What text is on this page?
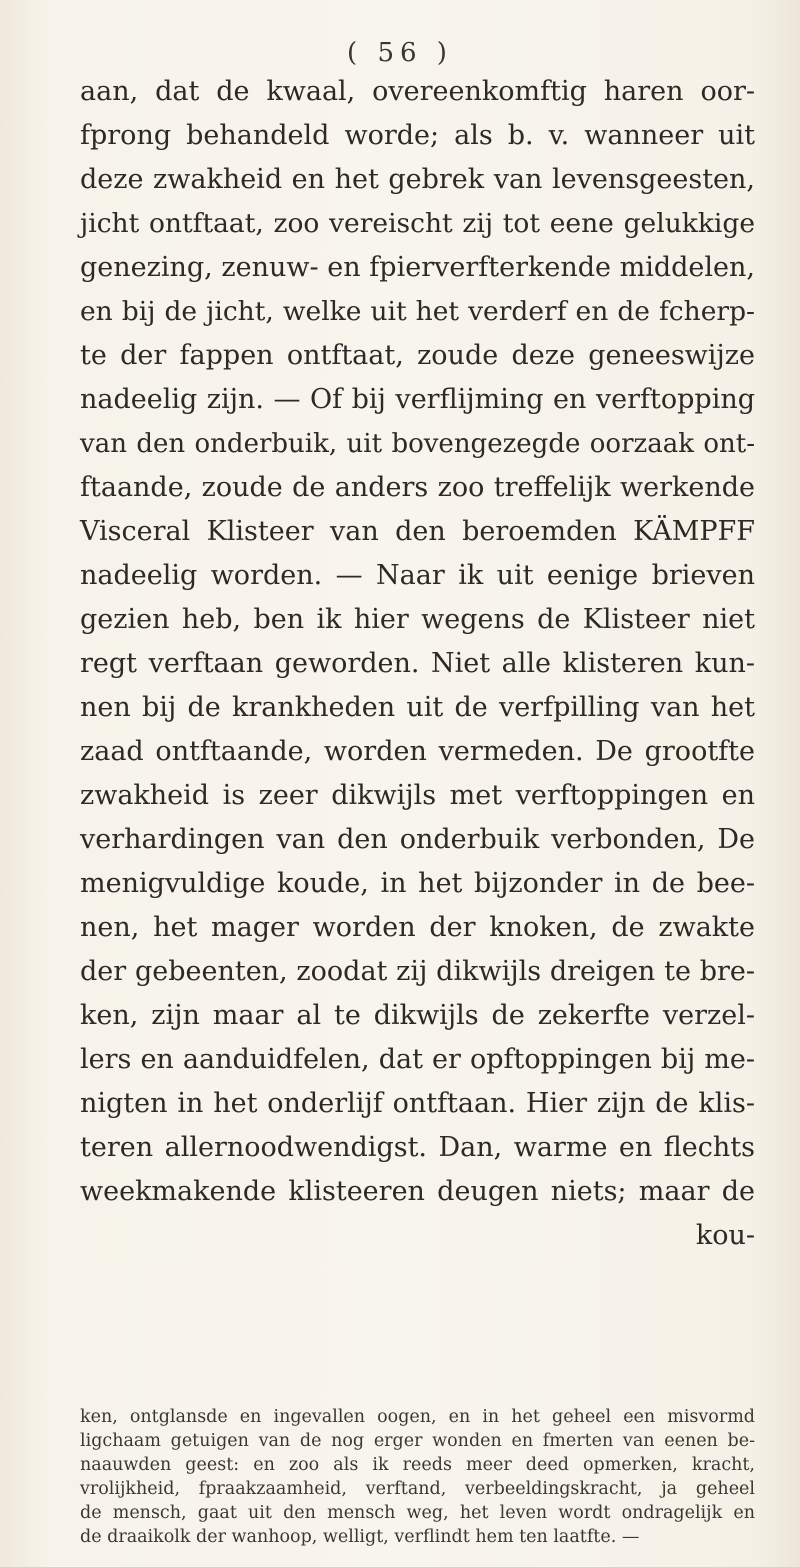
( 56 )
aan, dat de kwaal, overeenkomftig haren oor-
fprong behandeld worde; als b. v. wanneer uit
deze zwakheid en het gebrek van levensgeesten,
jicht ontftaat, zoo vereischt zij tot eene gelukkige
genezing, zenuw- en fpierverfterkende middelen,
en bij de jicht, welke uit het verderf en de fcherp-
te der fappen ontftaat, zoude deze geneeswijze
nadeelig zijn. — Of bij verflijming en verftopping
van den onderbuik, uit bovengezegde oorzaak ont-
ftaande, zoude de anders zoo treffelijk werkende
Visceral Klisteer van den beroemden KÄMPFF
nadeelig worden. — Naar ik uit eenige brieven
gezien heb, ben ik hier wegens de Klisteer niet
regt verftaan geworden. Niet alle klisteren kun-
nen bij de krankheden uit de verfpilling van het
zaad ontftaande, worden vermeden. De grootfte
zwakheid is zeer dikwijls met verftoppingen en
verhardingen van den onderbuik verbonden, De
menigvuldige koude, in het bijzonder in de bee-
nen, het mager worden der knoken, de zwakte
der gebeenten, zoodat zij dikwijls dreigen te bre-
ken, zijn maar al te dikwijls de zekerfte verzel-
lers en aanduidfelen, dat er opftoppingen bij me-
nigten in het onderlijf ontftaan. Hier zijn de klis-
teren allernoodwendigst. Dan, warme en flechts
weekmakende klisteeren deugen niets; maar de
kou-
ken, ontglansde en ingevallen oogen, en in het geheel een misvormd
ligchaam getuigen van de nog erger wonden en fmerten van eenen be-
naauwden geest: en zoo als ik reeds meer deed opmerken, kracht,
vrolijkheid, fpraakzaamheid, verftand, verbeeldingskracht, ja geheel
de mensch, gaat uit den mensch weg, het leven wordt ondragelijk en
de draaikolk der wanhoop, welligt, verflindt hem ten laatfte. —
